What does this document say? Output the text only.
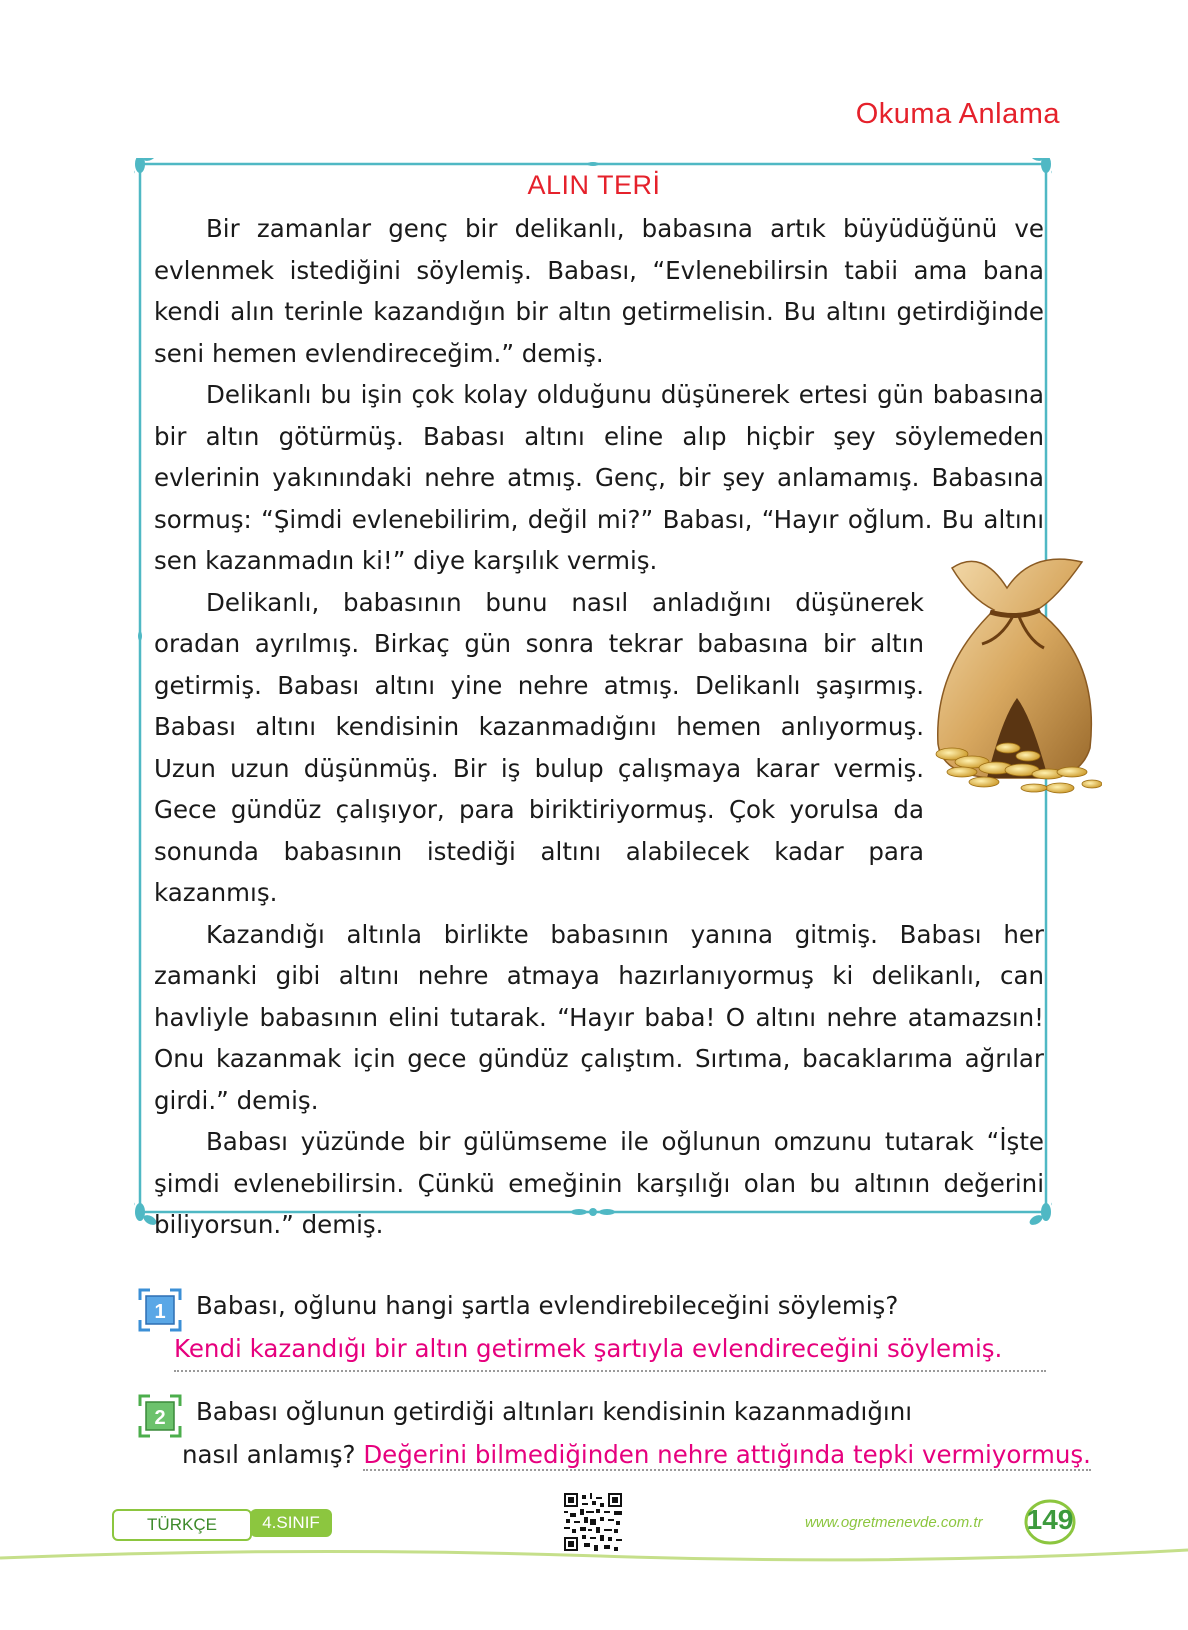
Okuma Anlama
ALIN TERİ

Bir zamanlar genç bir delikanlı, babasına artık büyüdüğünü ve evlenmek istediğini söylemiş. Babası, “Evlenebilirsin tabii ama bana kendi alın terinle kazandığın bir altın getirmelisin. Bu altını getirdiğinde seni hemen evlendireceğim.” demiş.

Delikanlı bu işin çok kolay olduğunu düşünerek ertesi gün babasına bir altın götürmüş. Babası altını eline alıp hiçbir şey söylemeden evlerinin yakınındaki nehre atmış. Genç, bir şey anlamamış. Babasına sormuş: “Şimdi evlenebilirim, değil mi?” Babası, “Hayır oğlum. Bu altını sen kazanmadın ki!” diye karşılık vermiş.

Delikanlı, babasının bunu nasıl anladığını düşünerek oradan ayrılmış. Birkaç gün sonra tekrar babasına bir altın getirmiş. Babası altını yine nehre atmış. Delikanlı şaşırmış. Babası altını kendisinin kazanmadığını hemen anlıyormuş. Uzun uzun düşünmüş. Bir iş bulup çalışmaya karar vermiş. Gece gündüz çalışıyor, para biriktiriyormuş. Çok yorulsa da sonunda babasının istediği altını alabilecek kadar para kazanmış.

Kazandığı altınla birlikte babasının yanına gitmiş. Babası her zamanki gibi altını nehre atmaya hazırlanıyormuş ki delikanlı, can havliyle babasının elini tutarak. “Hayır baba! O altını nehre atamazsın! Onu kazanmak için gece gündüz çalıştım. Sırtıma, bacaklarıma ağrılar girdi.” demiş.

Babası yüzünde bir gülümseme ile oğlunun omzunu tutarak “İşte şimdi evlenebilirsin. Çünkü emeğinin karşılığı olan bu altının değerini biliyorsun.” demiş.

1 Babası, oğlunu hangi şartla evlendirebileceğini söylemiş?
Kendi kazandığı bir altın getirmek şartıyla evlendireceğini söylemiş.
2 Babası oğlunun getirdiği altınları kendisinin kazanmadığını
nasıl anlamış? Değerini bilmediğinden nehre attığında tepki vermiyormuş.
TÜRKÇE	4.SINIF	www.ogretmenevde.com.tr 149
